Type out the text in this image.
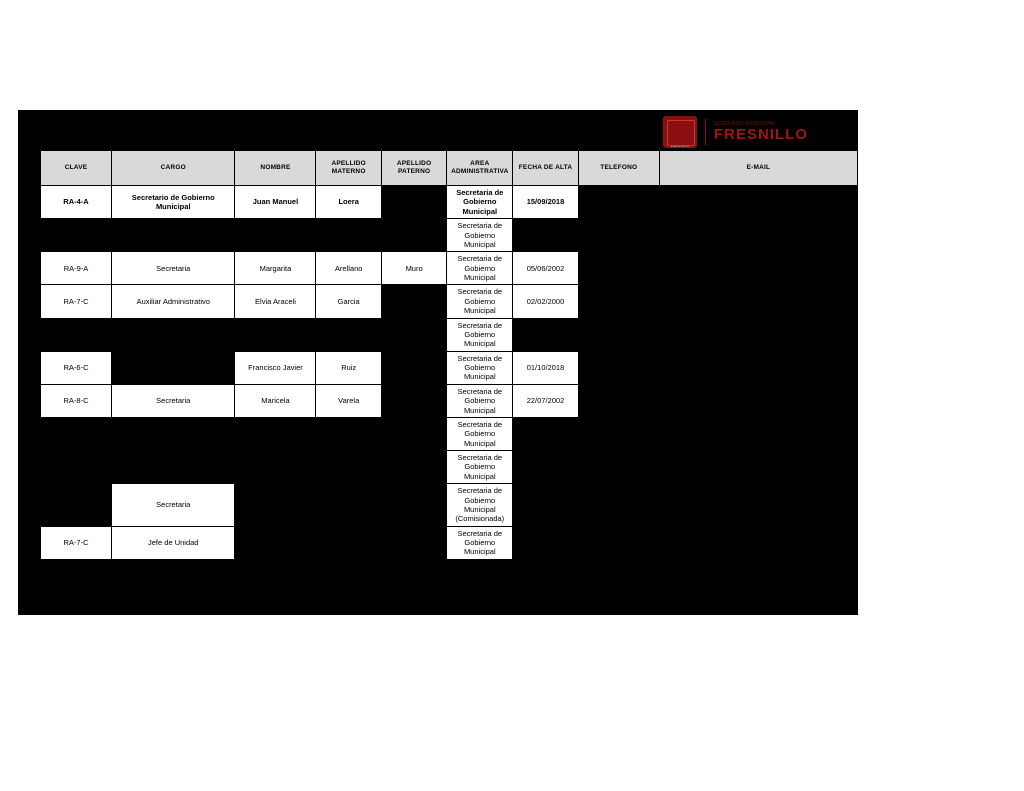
FRESNILLO
GOBIERNO MUNICIPAL
FRESNILLO
CLAVE	CARGO	NOMBRE	APELLIDO MATERNO	APELLIDO PATERNO	AREA ADMINISTRATIVA	FECHA DE ALTA	TELEFONO	E-MAIL
RA-4-A	Secretario de Gobierno Municipal	Juan Manuel	Loera		Secretaria de Gobierno Municipal	15/09/2018		
					Secretaria de Gobierno Municipal			
RA-9-A	Secretaria	Margarita	Arellano	Muro	Secretaria de Gobierno Municipal	05/06/2002		
RA-7-C	Auxiliar Administrativo	Elvia Araceli	Garcia		Secretaria de Gobierno Municipal	02/02/2000		
					Secretaria de Gobierno Municipal			
RA-6-C		Francisco Javier	Ruiz		Secretaria de Gobierno Municipal	01/10/2018		
RA-8-C	Secretaria	Maricela	Varela		Secretaria de Gobierno Municipal	22/07/2002		
					Secretaria de Gobierno Municipal			
					Secretaria de Gobierno Municipal			
	Secretaria				Secretaria de Gobierno Municipal (Comisionada)			
RA-7-C	Jefe de Unidad				Secretaria de Gobierno Municipal			
